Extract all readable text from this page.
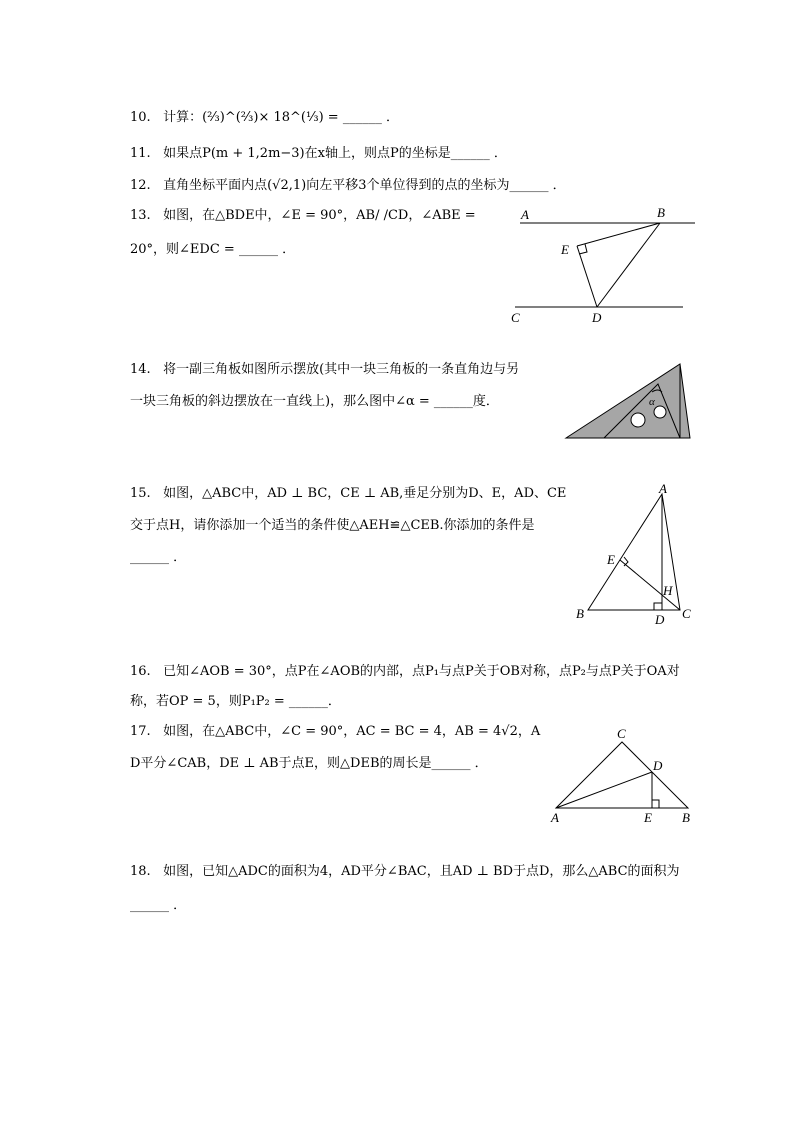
10. 计算：(²⁄₃)^(²⁄₃)× 18^(¹⁄₃) = ______ ．
11. 如果点P(m + 1,2m−3)在x轴上，则点P的坐标是______ ．
12. 直角坐标平面内点(√2,1)向左平移3个单位得到的点的坐标为______ ．
13. 如图，在△BDE中，∠E = 90°，AB/ /CD，∠ABE =
20°，则∠EDC = ______ ．
A	B
E
C	D
14. 将一副三角板如图所示摆放(其中一块三角板的一条直角边与另
一块三角板的斜边摆放在一直线上)，那么图中∠α = ______度．	α
15. 如图，△ABC中，AD ⊥ BC，CE ⊥ AB,垂足分别为D、E，AD、CE
交于点H，请你添加一个适当的条件使△AEH≌△CEB.你添加的条件是
______ ．
A
E
H
B	D C
16. 已知∠AOB = 30°，点P在∠AOB的内部，点P₁与点P关于OB对称，点P₂与点P关于OA对
称，若OP = 5，则P₁P₂ = ______．
17. 如图，在△ABC中，∠C = 90°，AC = BC = 4，AB = 4√2，A
D平分∠CAB，DE ⊥ AB于点E，则△DEB的周长是______ ．
C
D
A	E B
18. 如图，已知△ADC的面积为4，AD平分∠BAC，且AD ⊥ BD于点D，那么△ABC的面积为
______ ．
